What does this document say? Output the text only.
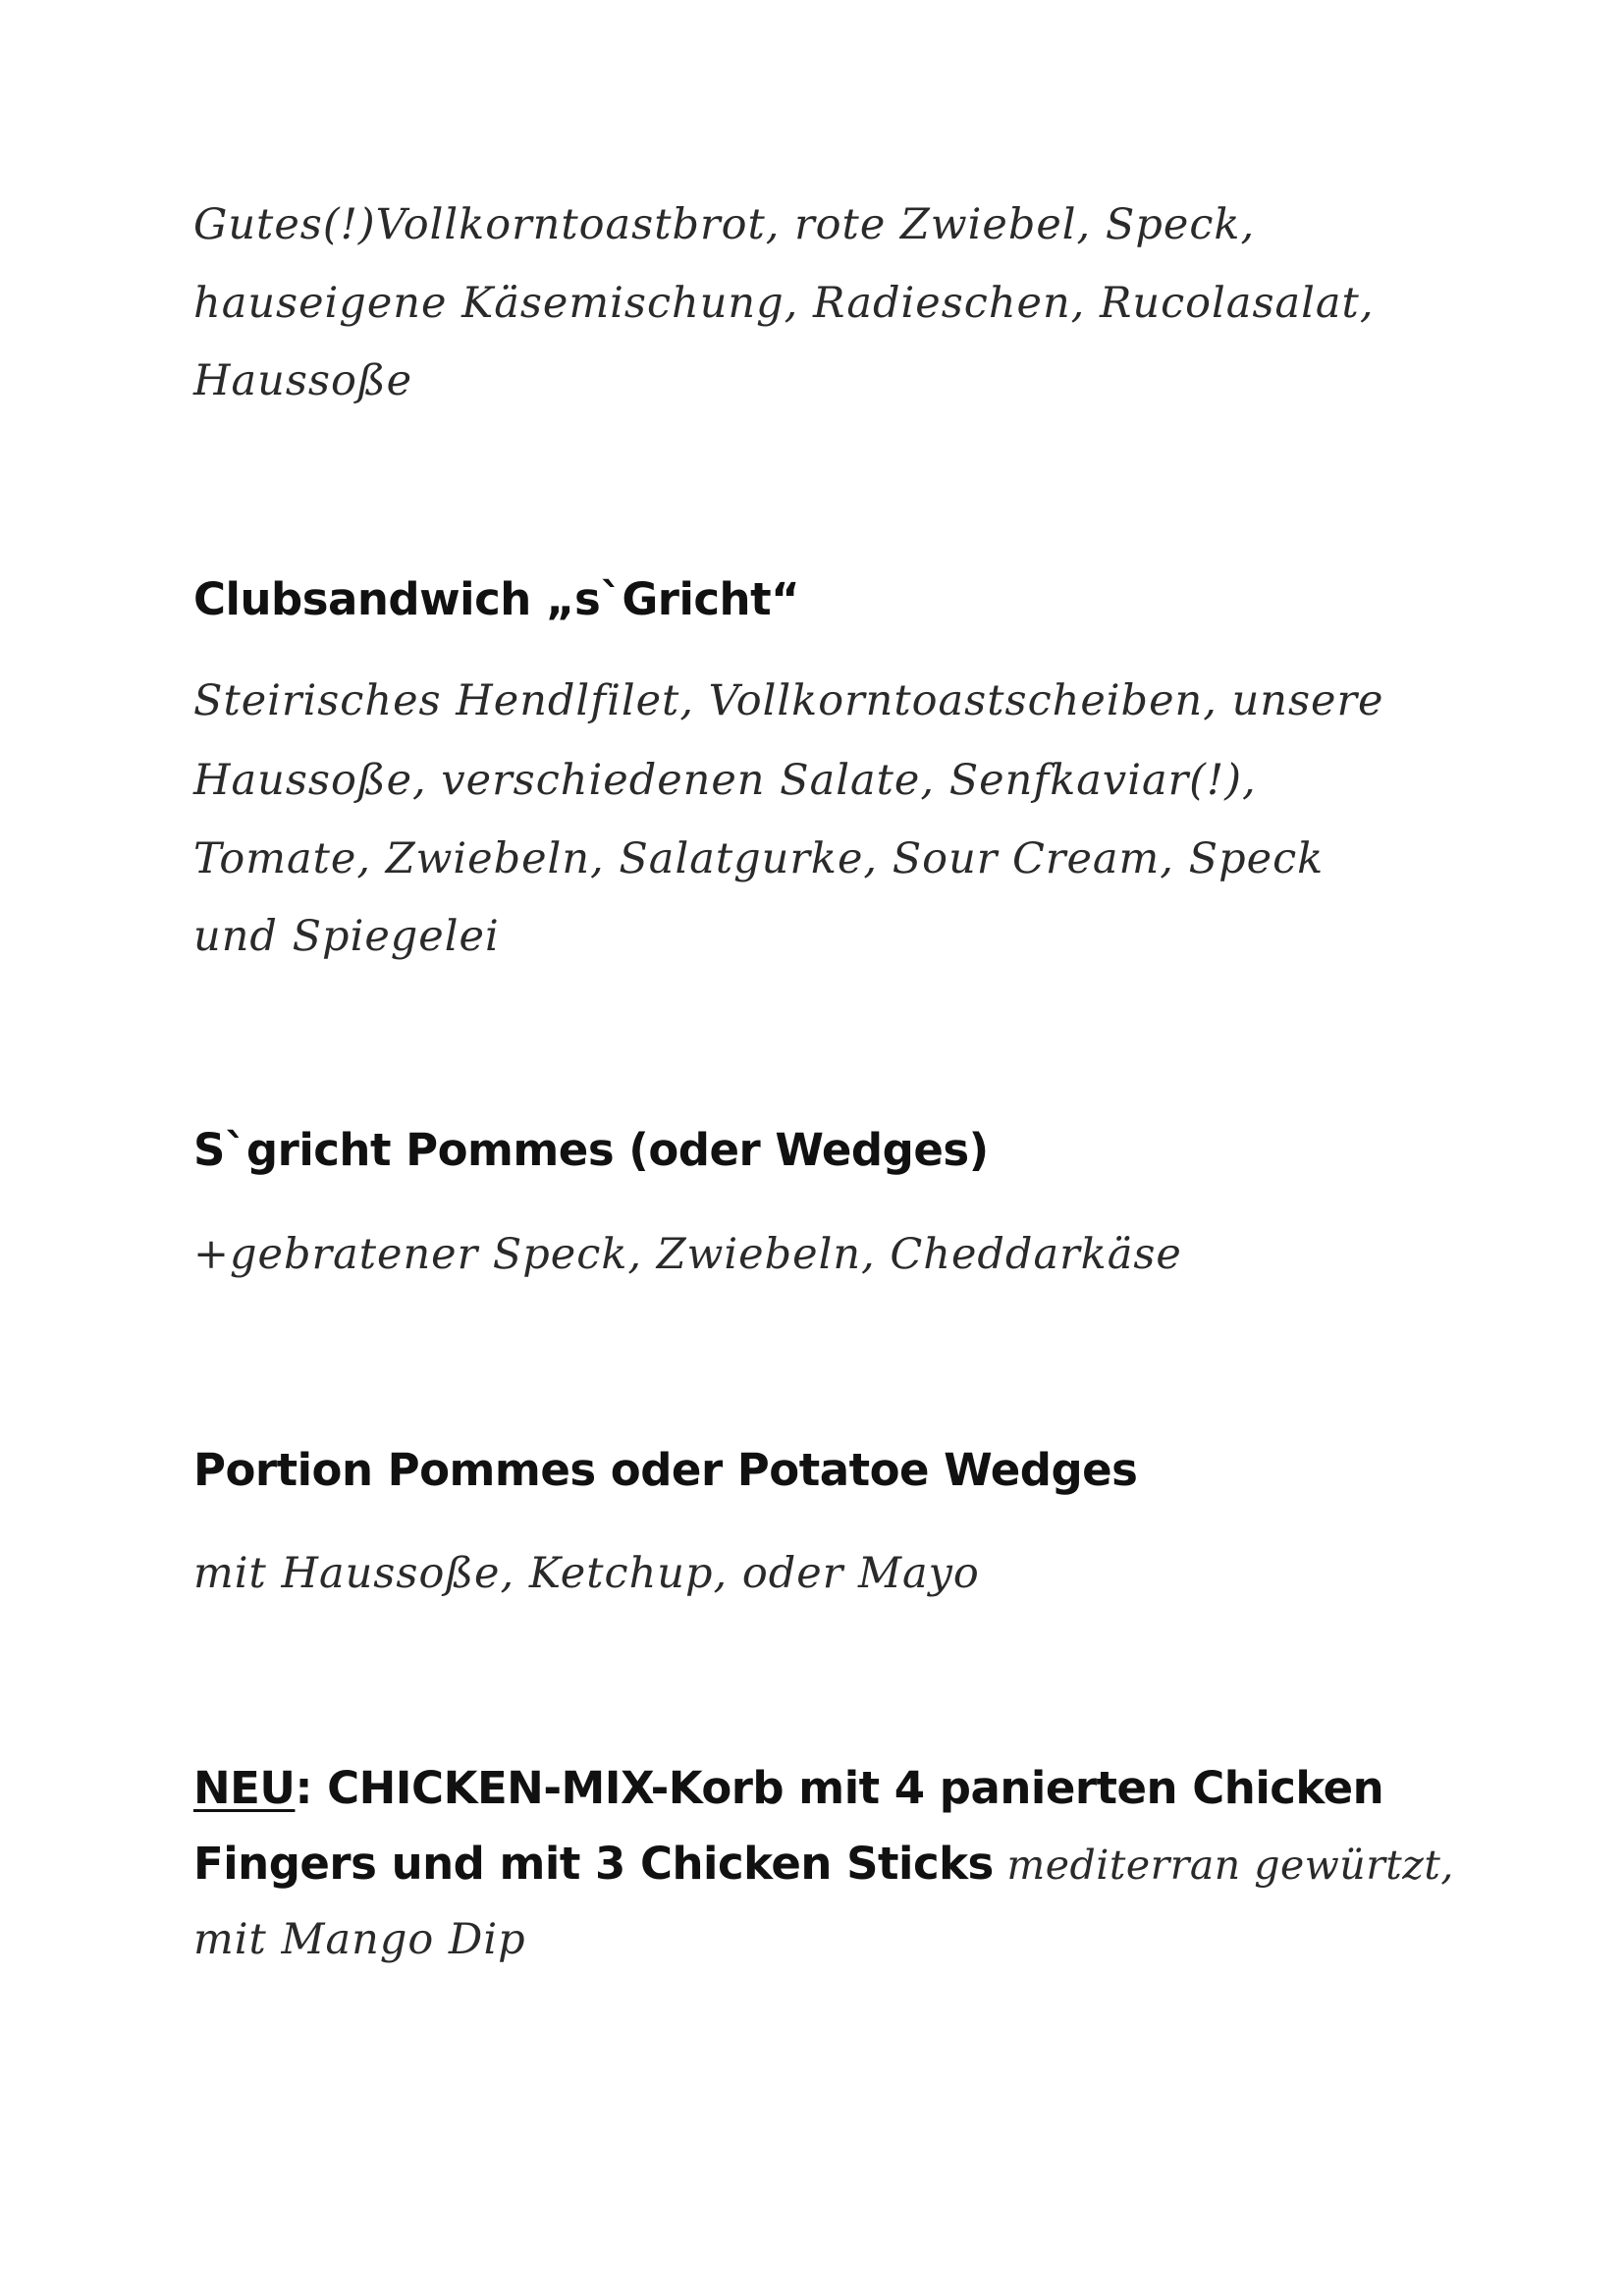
Gutes(!)Vollkorntoastbrot, rote Zwiebel, Speck,
hauseigene Käsemischung, Radieschen, Rucolasalat,
Haussoße
Clubsandwich „s`Gricht“
Steirisches Hendlfilet, Vollkorntoastscheiben, unsere
Haussoße, verschiedenen Salate, Senfkaviar(!),
Tomate, Zwiebeln, Salatgurke, Sour Cream, Speck
und Spiegelei
S`gricht Pommes (oder Wedges)
+gebratener Speck, Zwiebeln, Cheddarkäse
Portion Pommes oder Potatoe Wedges
mit Haussoße, Ketchup, oder Mayo
NEU: CHICKEN-MIX-Korb mit 4 panierten Chicken
Fingers und mit 3 Chicken Sticks mediterran gewürtzt,
mit Mango Dip
